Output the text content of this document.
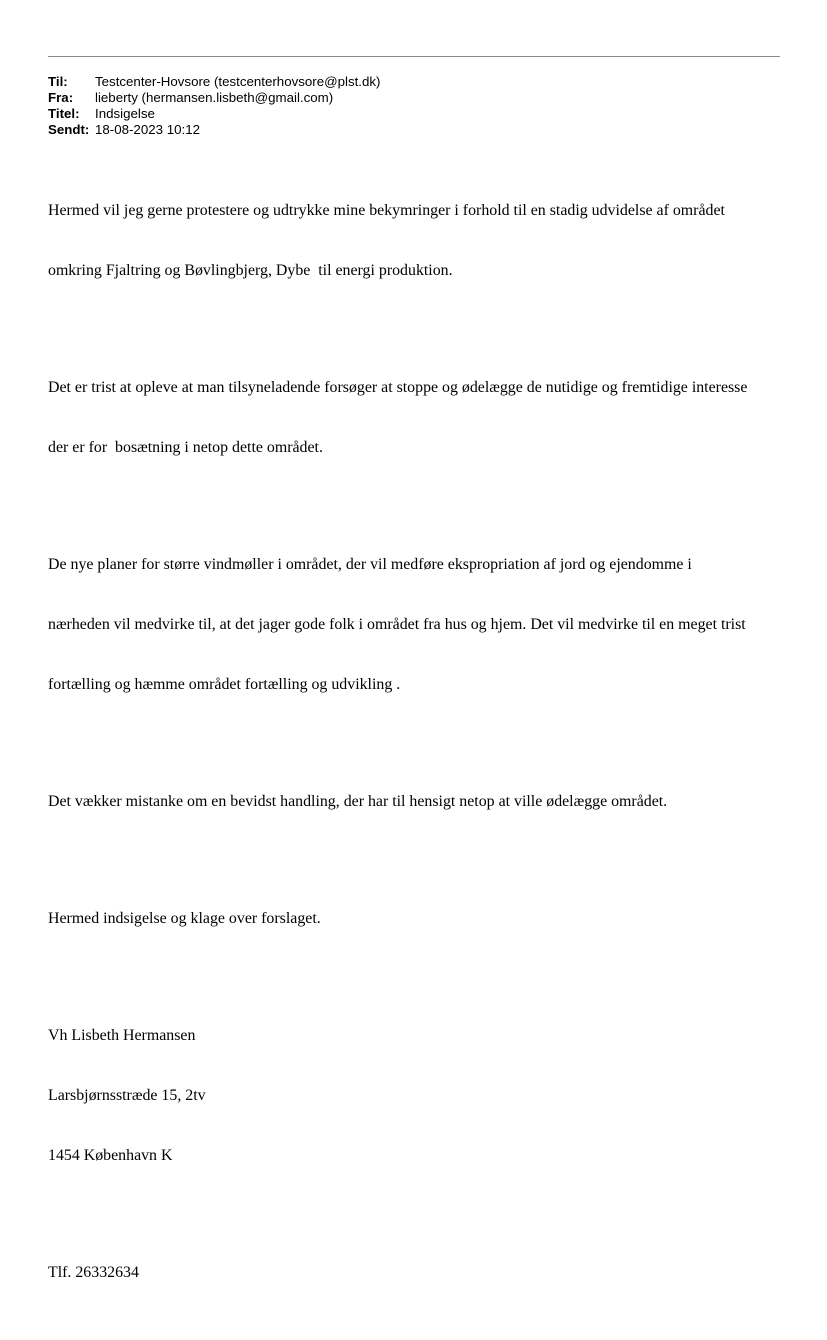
Til:	Testcenter-Hovsore (testcenterhovsore@plst.dk)
Fra:	lieberty (hermansen.lisbeth@gmail.com)
Titel:	Indsigelse
Sendt: 18-08-2023 10:12

Hermed vil jeg gerne protestere og udtrykke mine bekymringer i forhold til en stadig udvidelse af området

omkring Fjaltring og Bøvlingbjerg, Dybe  til energi produktion.

Det er trist at opleve at man tilsyneladende forsøger at stoppe og ødelægge de nutidige og fremtidige interesse

der er for  bosætning i netop dette området.

De nye planer for større vindmøller i området, der vil medføre ekspropriation af jord og ejendomme i

nærheden vil medvirke til, at det jager gode folk i området fra hus og hjem. Det vil medvirke til en meget trist

fortælling og hæmme området fortælling og udvikling .

Det vækker mistanke om en bevidst handling, der har til hensigt netop at ville ødelægge området.

Hermed indsigelse og klage over forslaget.

Vh Lisbeth Hermansen

Larsbjørnsstræde 15, 2tv

1454 København K

Tlf. 26332634
